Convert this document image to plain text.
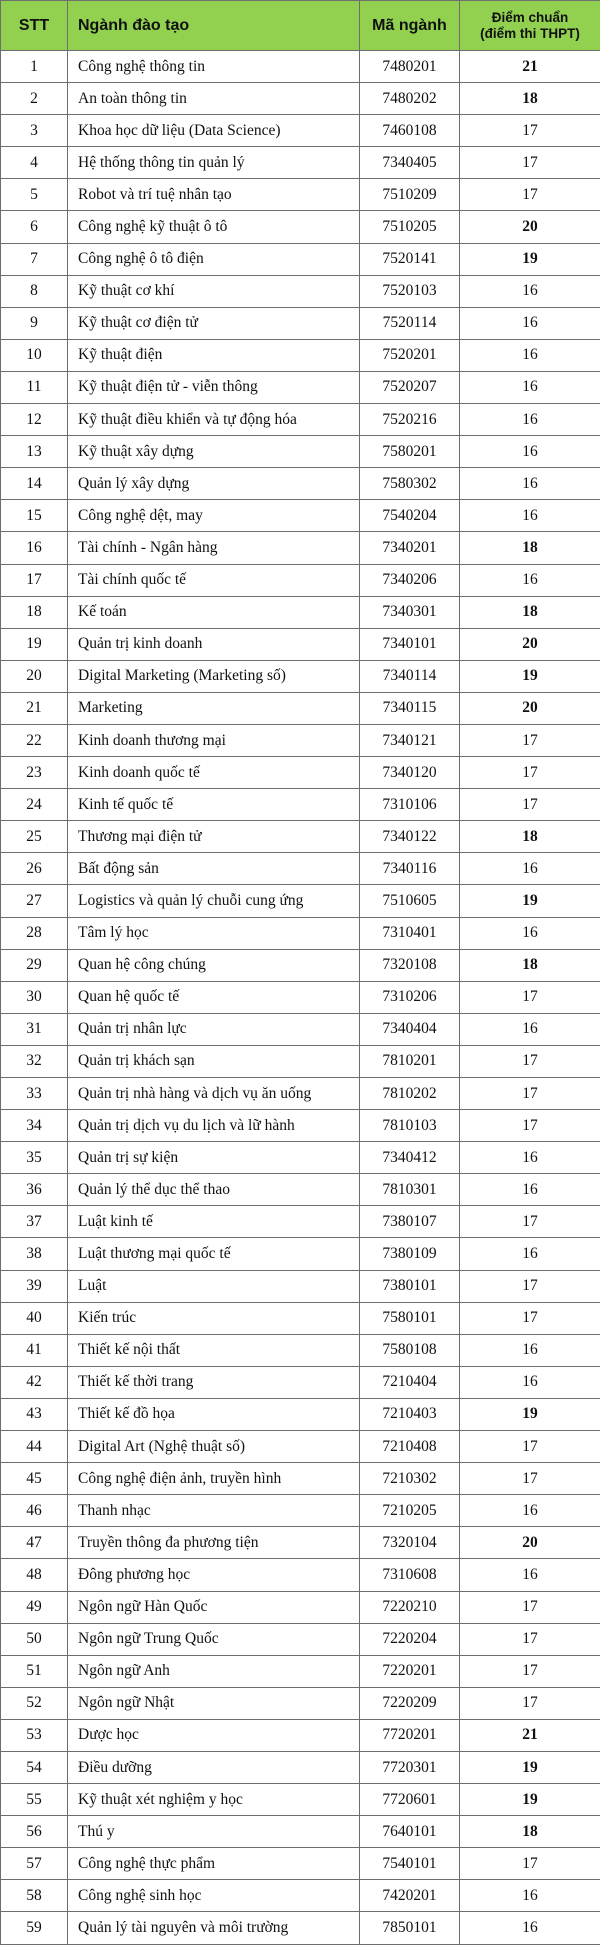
STT	Ngành đào tạo	Mã ngành	Điểm chuẩn
(điểm thi THPT)
1	Công nghệ thông tin	7480201	21
2	An toàn thông tin	7480202	18
3	Khoa học dữ liệu (Data Science)	7460108	17
4	Hệ thống thông tin quản lý	7340405	17
5	Robot và trí tuệ nhân tạo	7510209	17
6	Công nghệ kỹ thuật ô tô	7510205	20
7	Công nghệ ô tô điện	7520141	19
8	Kỹ thuật cơ khí	7520103	16
9	Kỹ thuật cơ điện tử	7520114	16
10	Kỹ thuật điện	7520201	16
11	Kỹ thuật điện tử - viễn thông	7520207	16
12	Kỹ thuật điều khiển và tự động hóa	7520216	16
13	Kỹ thuật xây dựng	7580201	16
14	Quản lý xây dựng	7580302	16
15	Công nghệ dệt, may	7540204	16
16	Tài chính - Ngân hàng	7340201	18
17	Tài chính quốc tế	7340206	16
18	Kế toán	7340301	18
19	Quản trị kinh doanh	7340101	20
20	Digital Marketing (Marketing số)	7340114	19
21	Marketing	7340115	20
22	Kinh doanh thương mại	7340121	17
23	Kinh doanh quốc tế	7340120	17
24	Kinh tế quốc tế	7310106	17
25	Thương mại điện tử	7340122	18
26	Bất động sản	7340116	16
27	Logistics và quản lý chuỗi cung ứng	7510605	19
28	Tâm lý học	7310401	16
29	Quan hệ công chúng	7320108	18
30	Quan hệ quốc tế	7310206	17
31	Quản trị nhân lực	7340404	16
32	Quản trị khách sạn	7810201	17
33	Quản trị nhà hàng và dịch vụ ăn uống	7810202	17
34	Quản trị dịch vụ du lịch và lữ hành	7810103	17
35	Quản trị sự kiện	7340412	16
36	Quản lý thể dục thể thao	7810301	16
37	Luật kinh tế	7380107	17
38	Luật thương mại quốc tế	7380109	16
39	Luật	7380101	17
40	Kiến trúc	7580101	17
41	Thiết kế nội thất	7580108	16
42	Thiết kế thời trang	7210404	16
43	Thiết kế đồ họa	7210403	19
44	Digital Art (Nghệ thuật số)	7210408	17
45	Công nghệ điện ảnh, truyền hình	7210302	17
46	Thanh nhạc	7210205	16
47	Truyền thông đa phương tiện	7320104	20
48	Đông phương học	7310608	16
49	Ngôn ngữ Hàn Quốc	7220210	17
50	Ngôn ngữ Trung Quốc	7220204	17
51	Ngôn ngữ Anh	7220201	17
52	Ngôn ngữ Nhật	7220209	17
53	Dược học	7720201	21
54	Điều dưỡng	7720301	19
55	Kỹ thuật xét nghiệm y học	7720601	19
56	Thú y	7640101	18
57	Công nghệ thực phẩm	7540101	17
58	Công nghệ sinh học	7420201	16
59	Quản lý tài nguyên và môi trường	7850101	16
